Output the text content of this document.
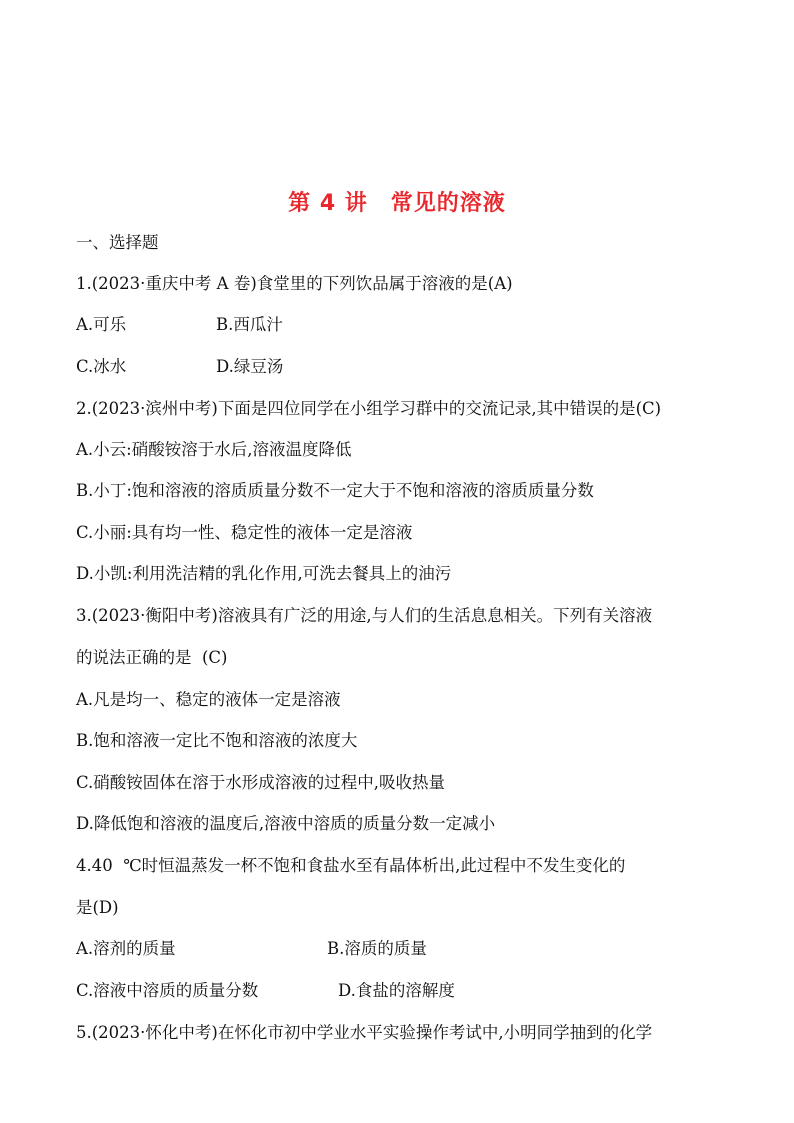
第 4 讲　常见的溶液
一、选择题
1.(2023·重庆中考 A 卷)食堂里的下列饮品属于溶液的是(A)
A.可乐	B.西瓜汁
C.冰水	D.绿豆汤
2.(2023·滨州中考)下面是四位同学在小组学习群中的交流记录,其中错误的是(C)
A.小云:硝酸铵溶于水后,溶液温度降低
B.小丁:饱和溶液的溶质质量分数不一定大于不饱和溶液的溶质质量分数
C.小丽:具有均一性、稳定性的液体一定是溶液
D.小凯:利用洗洁精的乳化作用,可洗去餐具上的油污
3.(2023·衡阳中考)溶液具有广泛的用途,与人们的生活息息相关。下列有关溶液
的说法正确的是  (C)
A.凡是均一、稳定的液体一定是溶液
B.饱和溶液一定比不饱和溶液的浓度大
C.硝酸铵固体在溶于水形成溶液的过程中,吸收热量
D.降低饱和溶液的温度后,溶液中溶质的质量分数一定减小
4.40  ℃时恒温蒸发一杯不饱和食盐水至有晶体析出,此过程中不发生变化的
是(D)
A.溶剂的质量	B.溶质的质量
C.溶液中溶质的质量分数	D.食盐的溶解度
5.(2023·怀化中考)在怀化市初中学业水平实验操作考试中,小明同学抽到的化学
